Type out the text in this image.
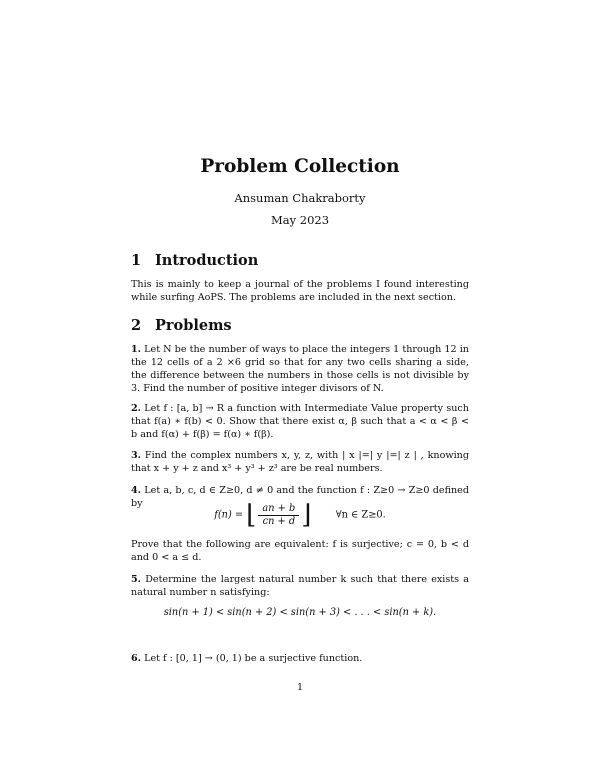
Problem Collection
Ansuman Chakraborty
May 2023
1 Introduction

This is mainly to keep a journal of the problems I found interesting while surfing AoPS. The problems are included in the next section.

2 Problems

1. Let N be the number of ways to place the integers 1 through 12 in the 12 cells of a 2 ×6 grid so that for any two cells sharing a side, the difference between the numbers in those cells is not divisible by 3. Find the number of positive integer divisors of N.

2. Let f : [a, b] → R a function with Intermediate Value property such that f(a) ∗ f(b) < 0. Show that there exist α, β such that a < α < β < b and f(α) + f(β) = f(α) ∗ f(β).

3. Find the complex numbers x, y, z, with | x |=| y |=| z | , knowing that x + y + z and x³ + y³ + z³ are be real numbers.

4. Let a, b, c, d ∈ Z≥0, d ≠ 0 and the function f : Z≥0 → Z≥0 defined by

f(n) = ⌊ $\frac{an + b}{cn + d}$ ⌋ ∀n ∈ Z≥0.

Prove that the following are equivalent: f is surjective; c = 0, b < d and 0 < a ≤ d.

5. Determine the largest natural number k such that there exists a natural number n satisfying:

sin(n + 1) < sin(n + 2) < sin(n + 3) < . . . < sin(n + k).

6. Let f : [0, 1] → (0, 1) be a surjective function.

1
